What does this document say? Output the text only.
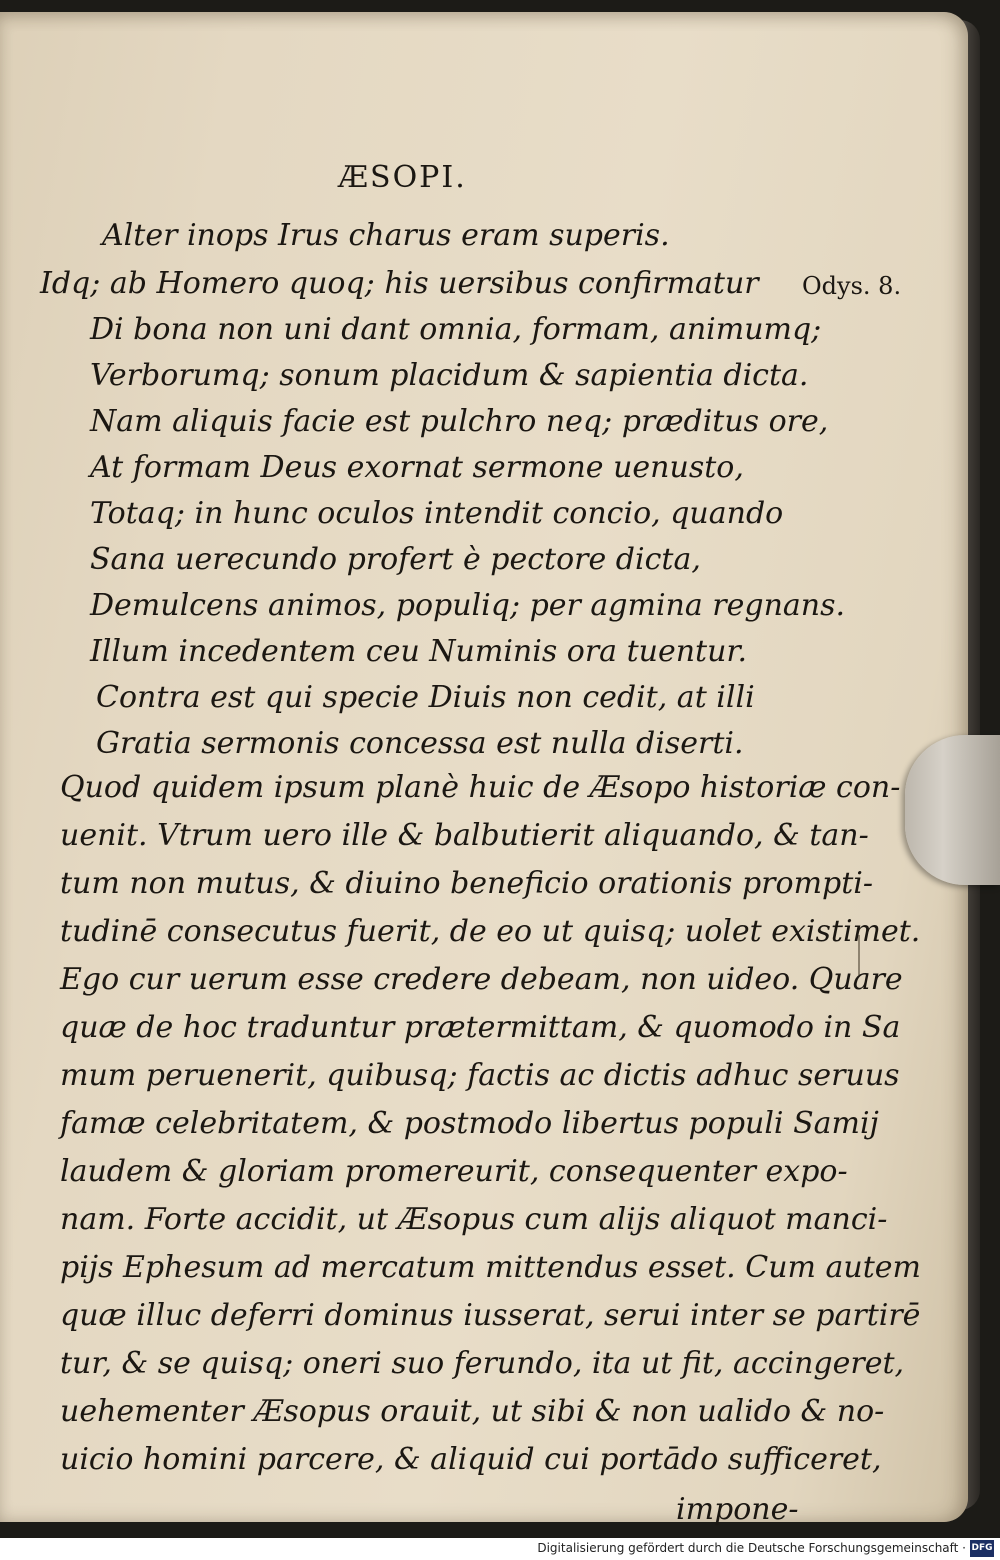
ÆSOPI.
Odys. 8.
Alter inops Irus charus eram superis.
Idq; ab Homero quoq; his uersibus confirmatur
Di bona non uni dant omnia, formam, animumq;
Verborumq; sonum placidum & sapientia dicta.
Nam aliquis facie est pulchro neq; præditus ore,
At formam Deus exornat sermone uenusto,
Totaq; in hunc oculos intendit concio, quando
Sana uerecundo profert è pectore dicta,
Demulcens animos, populiq; per agmina regnans.
Illum incedentem ceu Numinis ora tuentur.
Contra est qui specie Diuis non cedit, at illi
Gratia sermonis concessa est nulla diserti.
Quod quidem ipsum planè huic de Æsopo historiæ con-
uenit. Vtrum uero ille & balbutierit aliquando, & tan-
tum non mutus, & diuino beneficio orationis prompti-
tudinē consecutus fuerit, de eo ut quisq; uolet existimet.
Ego cur uerum esse credere debeam, non uideo. Quare
quæ de hoc traduntur prætermittam, & quomodo in Sa
mum peruenerit, quibusq; factis ac dictis adhuc seruus
famæ celebritatem, & postmodo libertus populi Samij
laudem & gloriam promereurit, consequenter expo-
nam. Forte accidit, ut Æsopus cum alijs aliquot manci-
pijs Ephesum ad mercatum mittendus esset. Cum autem
quæ illuc deferri dominus iusserat, serui inter se partirē
tur, & se quisq; oneri suo ferundo, ita ut fit, accingeret,
uehementer Æsopus orauit, ut sibi & non ualido & no-
uicio homini parcere, & aliquid cui portādo sufficeret,
impone-
Digitalisierung gefördert durch die Deutsche Forschungsgemeinschaft · DFG
